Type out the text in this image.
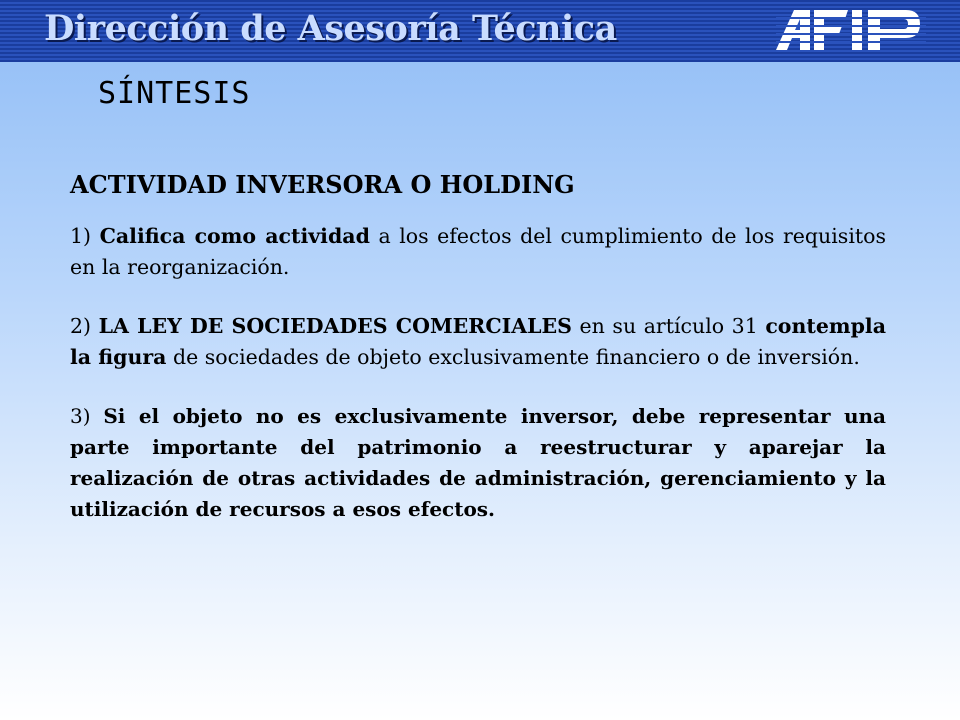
Dirección de Asesoría Técnica
SÍNTESIS
ACTIVIDAD INVERSORA O HOLDING

1) Califica como actividad a los efectos del cumplimiento de los requisitos en la reorganización.

2) LA LEY DE SOCIEDADES COMERCIALES en su artículo 31 contempla la figura de sociedades de objeto exclusivamente financiero o de inversión.

3) Si el objeto no es exclusivamente inversor, debe representar una parte importante del patrimonio a reestructurar y aparejar la realización de otras actividades de administración, gerenciamiento y la utilización de recursos a esos efectos.
